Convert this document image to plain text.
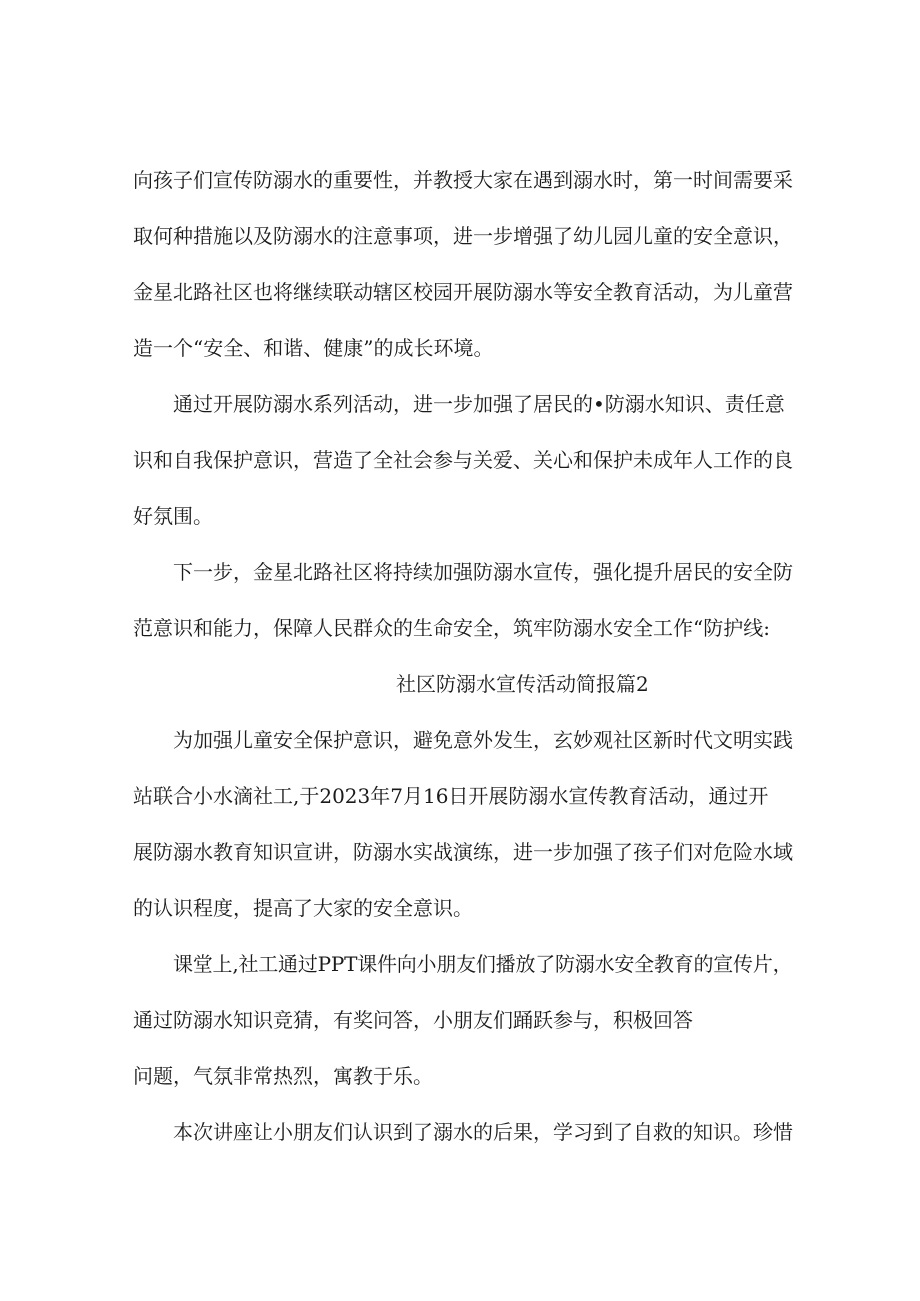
向孩子们宣传防溺水的重要性，并教授大家在遇到溺水时，第一时间需要采
取何种措施以及防溺水的注意事项，进一步增强了幼儿园儿童的安全意识，
金星北路社区也将继续联动辖区校园开展防溺水等安全教育活动，为儿童营
造一个“安全、和谐、健康”的成长环境。
通过开展防溺水系列活动，进一步加强了居民的•防溺水知识、责任意
识和自我保护意识，营造了全社会参与关爱、关心和保护未成年人工作的良
好氛围。
下一步，金星北路社区将持续加强防溺水宣传，强化提升居民的安全防
范意识和能力，保障人民群众的生命安全，筑牢防溺水安全工作“防护线:
社区防溺水宣传活动简报篇2
为加强儿童安全保护意识，避免意外发生，玄妙观社区新时代文明实践
站联合小水滴社工,于2023年7月16日开展防溺水宣传教育活动，通过开
展防溺水教育知识宣讲，防溺水实战演练，进一步加强了孩子们对危险水域
的认识程度，提高了大家的安全意识。
课堂上,社工通过PPT课件向小朋友们播放了防溺水安全教育的宣传片，
通过防溺水知识竞猜，有奖问答，小朋友们踊跃参与，积极回答
问题，气氛非常热烈，寓教于乐。
本次讲座让小朋友们认识到了溺水的后果，学习到了自救的知识。珍惜
